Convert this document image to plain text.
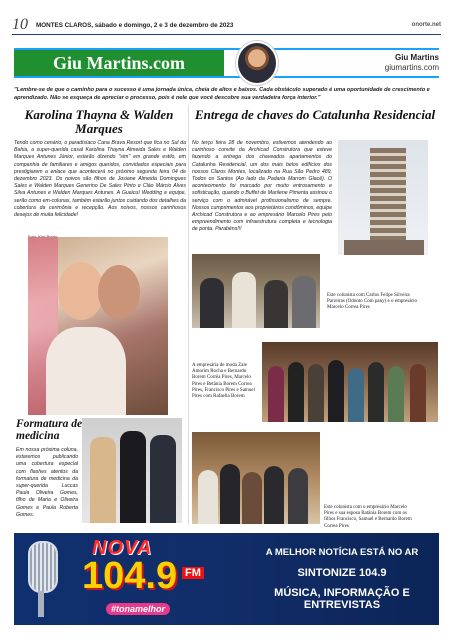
10 MONTES CLAROS, sábado e domingo, 2 e 3 de dezembro de 2023	onorte.net
Giu Martins.com	Giu Martins
giumartins.com
"Lembre-se de que o caminho para o sucesso é uma jornada única, cheia de altos e baixos. Cada obstáculo superado é uma oportunidade de crescimento e aprendizado. Não se esqueça de apreciar o processo, pois é nele que você descobre sua verdadeira força interior."
Karolina Thayna & Walden Marques
Tendo como cenário, o paradisíaco Cana Brava Resort que fica no Sul da Bahia, a super-querida casal Karolina Thayna Almeida Sales e Walden Marques Antunes Júnior, estarão dizendo "sim" em grande estilo, em companhia de familiares e amigos queridos, convidados especiais para prestigiarem a enlace que acontecerá no próximo segunda feira 04 de dezembro 2023. Os noivos são filhos de Josiane Almeida Domingues Sales e Walden Marques Generino De Sales Pinto e Cláo Márcio Alves Silva Antunes e Walden Marques Antunes. A Guaicuí Wedding e equipe, serão como em-colunas, também estarão juntos cuidando dos detalhes da cobertura da cerimônia e recepção. Aos noivos, nossos carinhosos desejos de muita felicidade!
Entrega de chaves do Catalunha Residencial
No terço feira 28 de novembro, estivemos atendendo ao carinhoso convite da Archicad Construtora que esteve fazendo a entrega dos chaveados apartamentos do Catalunha Residencial, um dos mais belos edifícios dos nossos Claros Montes, localizado na Rua São Pedro 489, Todos os Santos (Ao lado da Padaria Marrom Glacê). O acontecimento foi marcado por muito entrosamento e sofisticação, quando o Buffet de Marilene Pimenta assinou o serviço com o admirável profissionalismo de sempre. Nossos cumprimentos aos proprietários condôminos, equipe Archicad Construtora e ao empresário Marcelo Pires pelo empreendimento com infraestrutura completa e tecnologia de ponta. Parabéns!!!
Este colunista com Carlos Felipe Silveira Parreiras (Odonto Com pany) e o empresário Marcelo Correa Pires
A empresária de moda Zale Amorim Rocha e Bernardo Borem Corrêa Pires, Marcelo Pires e Betânia Borem Correa Pires, Francisco Pires e Samuel Pires com Rafaella Borem
Este colunista com o empresário Marcelo Pires e sua esposa Batânia Borem com os filhos Francisco, Samuel e Bernardo Borem Correa Pires
Formatura de medicina
Em nossa próxima coluna, estaremos publicando uma cobertura especial com flashes atentos da formatura de medicina da super-querida Luccas Paula Oliveira Gomes, filho de Maria e Oliveira Gomes e Paula Roberta Gomes.
NOVA
104.9 FM
#tonamelhor
A MELHOR NOTÍCIA ESTÁ NO AR
SINTONIZE 104.9
MÚSICA, INFORMAÇÃO E ENTREVISTAS
